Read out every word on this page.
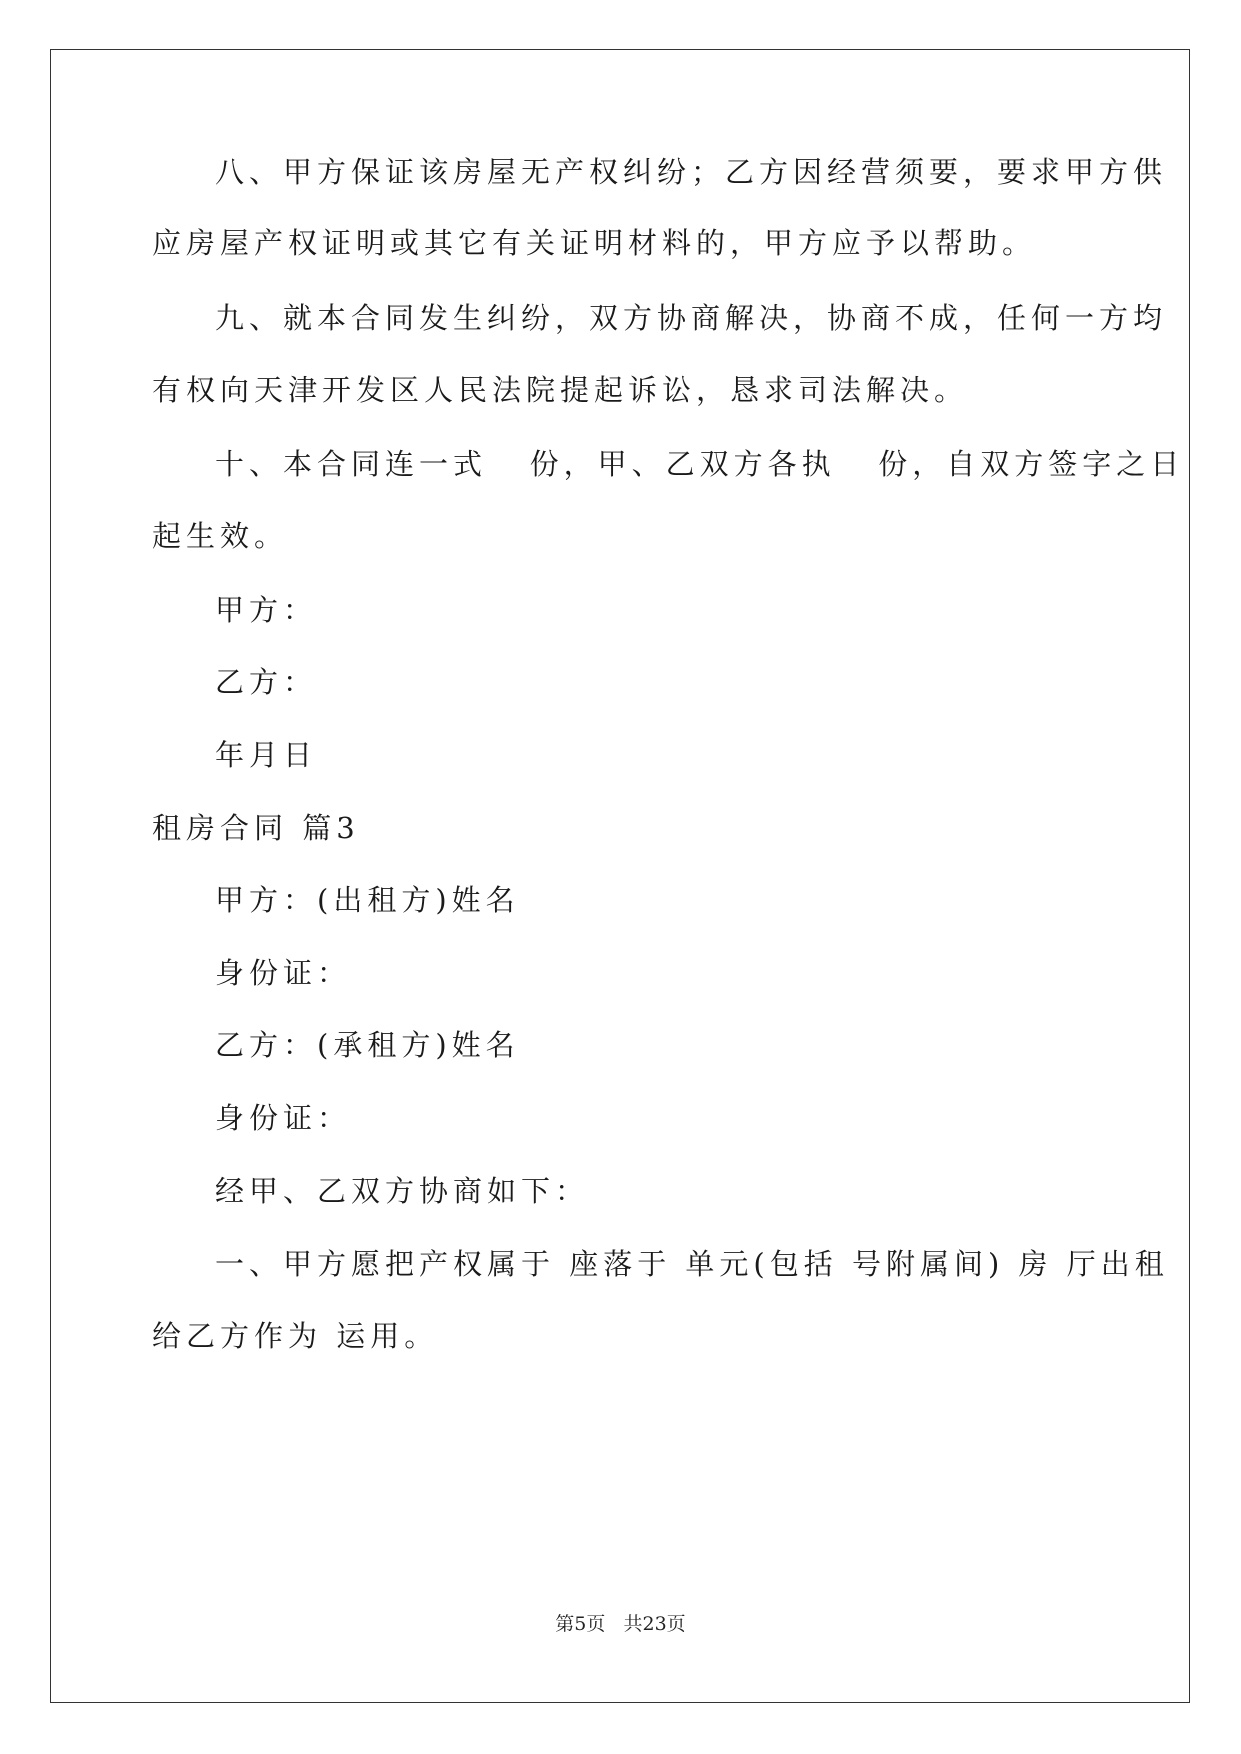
八、甲方保证该房屋无产权纠纷；乙方因经营须要，要求甲方供
应房屋产权证明或其它有关证明材料的，甲方应予以帮助。
九、就本合同发生纠纷，双方协商解决，协商不成，任何一方均
有权向天津开发区人民法院提起诉讼，恳求司法解决。
十、本合同连一式   份，甲、乙双方各执   份，自双方签字之日
起生效。
甲方：
乙方：
年月日
租房合同 篇3
甲方：(出租方)姓名
身份证：
乙方：(承租方)姓名
身份证：
经甲、乙双方协商如下：
一、甲方愿把产权属于 座落于 单元(包括 号附属间) 房 厅出租
给乙方作为 运用。
第5页   共23页
